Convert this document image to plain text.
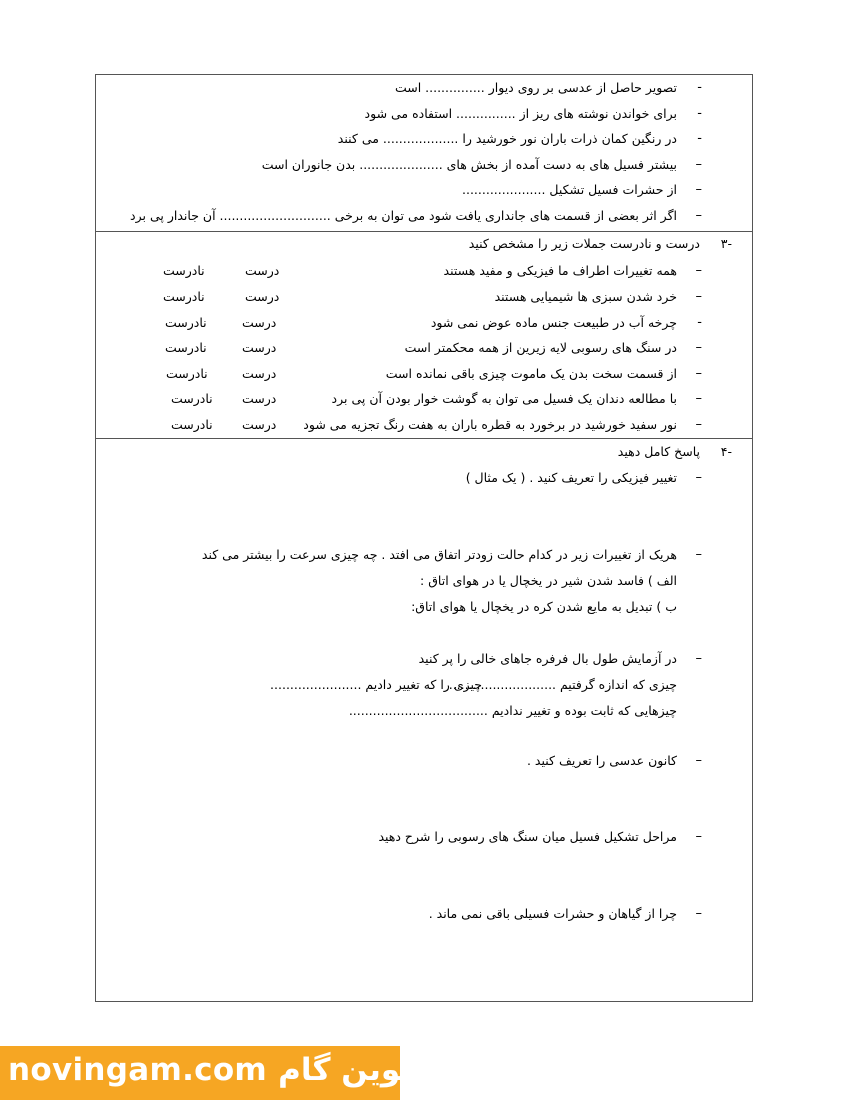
-
تصویر حاصل از عدسی بر روی دیوار ............... است
-
برای خواندن نوشته های ریز از ............... استفاده می شود
-
در رنگین کمان ذرات باران نور خورشید را ................... می کنند
–
بیشتر فسیل های به دست آمده از بخش های ..................... بدن جانوران است
–
از حشرات فسیل تشکیل .....................
–
اگر اثر بعضی از قسمت های جانداری یافت شود می توان به برخی ............................ آن جاندار پی برد
۳-
درست و نادرست جملات زیر را مشخص کنید
–
همه تغییرات اطراف ما فیزیکی و مفید هستند
درست
نادرست
–
خرد شدن سبزی ها شیمیایی هستند
درست
نادرست
-
چرخه آب در طبیعت جنس ماده عوض نمی شود
درست
نادرست
–
در سنگ های رسوبی لایه زیرین از همه محکمتر است
درست
نادرست
–
از قسمت سخت بدن یک ماموت چیزی باقی نمانده است
درست
نادرست
–
با مطالعه دندان یک فسیل می توان به گوشت خوار بودن آن پی برد
درست
نادرست
–
نور سفید خورشید در برخورد به قطره باران به هفت رنگ تجزیه می شود
درست
نادرست
۴-
پاسخ کامل دهید
–
تغییر فیزیکی را تعریف کنید . ( یک مثال )
–
هریک از تغییرات زیر در کدام حالت زودتر اتفاق می افتد . چه چیزی سرعت را بیشتر می کند
الف ) فاسد شدن شیر در یخچال یا در هوای اتاق :
ب ) تبدیل به مایع شدن کره در یخچال یا هوای اتاق:
–
در آزمایش طول بال فرفره جاهای خالی را پر کنید
چیزی که اندازه گرفتیم ...........................
چیزی را که تغییر دادیم .......................
چیزهایی که ثابت بوده و تغییر ندادیم ...................................
–
کانون عدسی را تعریف کنید .
–
مراحل تشکیل فسیل میان سنگ های رسوبی را شرح دهید
–
چرا از گیاهان و حشرات فسیلی باقی نمی ماند .
novingam.com نوین گام
